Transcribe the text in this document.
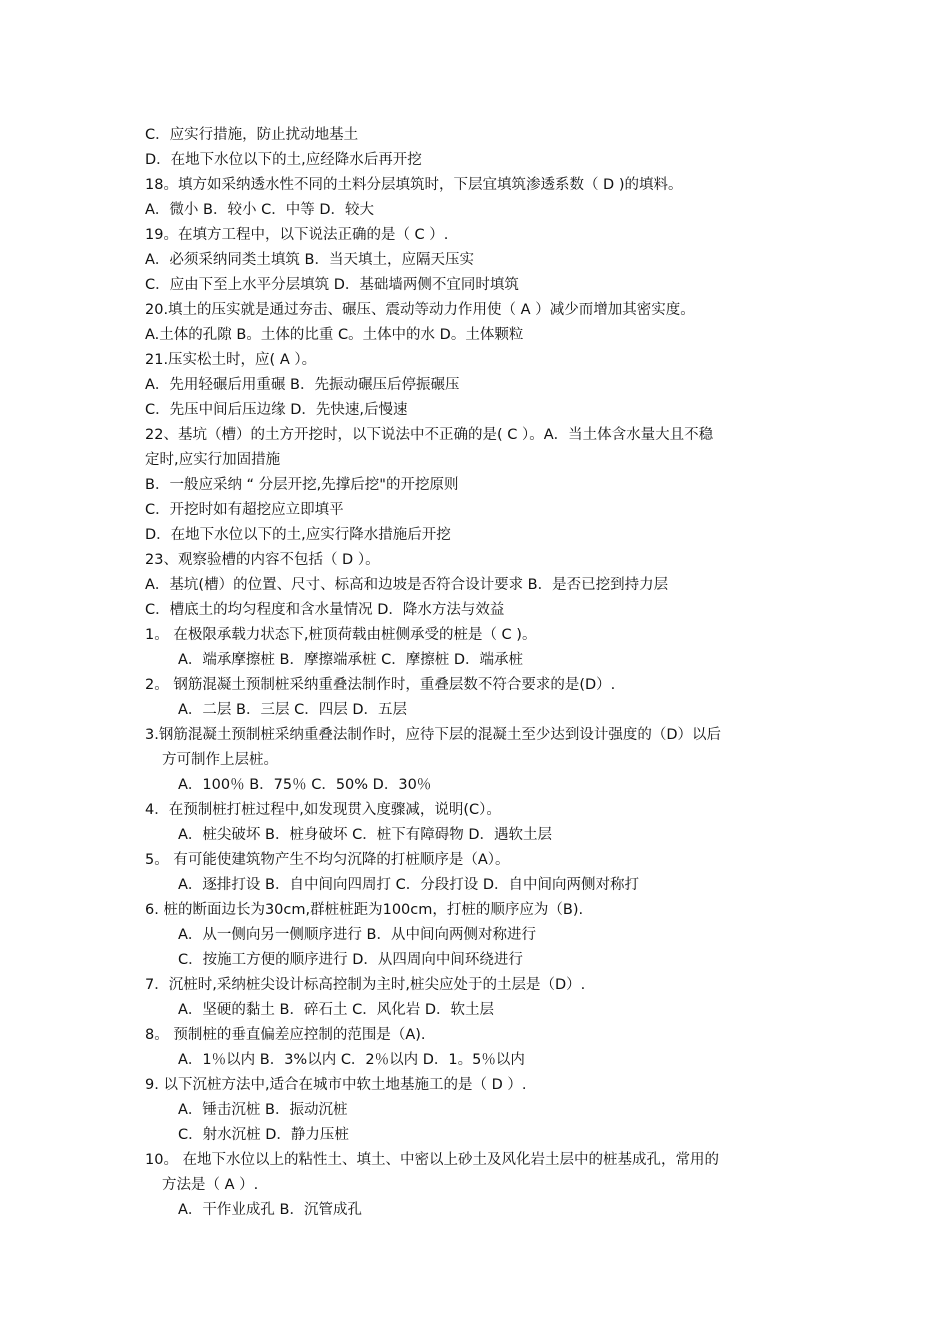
C．应实行措施，防止扰动地基土
D．在地下水位以下的土,应经降水后再开挖
18。填方如采纳透水性不同的土料分层填筑时，下层宜填筑渗透系数（ D )的填料。
A．微小 B．较小 C．中等 D．较大
19。在填方工程中，以下说法正确的是（ C ）.
A．必须采纳同类土填筑 B．当天填土，应隔天压实
C．应由下至上水平分层填筑 D．基础墙两侧不宜同时填筑
20.填土的压实就是通过夯击、碾压、震动等动力作用使（ A ）减少而增加其密实度。
A.土体的孔隙 B。土体的比重 C。土体中的水 D。土体颗粒
21.压实松土时，应( A ）。
A．先用轻碾后用重碾 B．先振动碾压后停振碾压
C．先压中间后压边缘 D．先快速,后慢速
22、基坑（槽）的土方开挖时，以下说法中不正确的是( C ）。A．当土体含水量大且不稳
定时,应实行加固措施
B．一般应采纳 “ 分层开挖,先撑后挖"的开挖原则
C．开挖时如有超挖应立即填平
D．在地下水位以下的土,应实行降水措施后开挖
23、观察验槽的内容不包括（ D ）。
A．基坑(槽）的位置、尺寸、标高和边坡是否符合设计要求 B．是否已挖到持力层
C．槽底土的均匀程度和含水量情况 D．降水方法与效益
1。 在极限承载力状态下,桩顶荷载由桩侧承受的桩是（ C )。
A．端承摩擦桩 B．摩擦端承桩 C．摩擦桩 D．端承桩
2。 钢筋混凝土预制桩采纳重叠法制作时，重叠层数不符合要求的是(D）.
A．二层 B．三层 C．四层 D．五层
3.钢筋混凝土预制桩采纳重叠法制作时，应待下层的混凝土至少达到设计强度的（D）以后
方可制作上层桩。
A．100％ B．75％ C．50% D．30％
4．在预制桩打桩过程中,如发现贯入度骤减，说明(C）。
A．桩尖破坏 B．桩身破坏 C．桩下有障碍物 D．遇软土层
5。 有可能使建筑物产生不均匀沉降的打桩顺序是（A）。
A．逐排打设 B．自中间向四周打 C．分段打设 D．自中间向两侧对称打
6. 桩的断面边长为30cm,群桩桩距为100cm，打桩的顺序应为（B).
A．从一侧向另一侧顺序进行 B．从中间向两侧对称进行
C．按施工方便的顺序进行 D．从四周向中间环绕进行
7．沉桩时,采纳桩尖设计标高控制为主时,桩尖应处于的土层是（D）.
A．坚硬的黏土 B．碎石土 C．风化岩 D．软土层
8。 预制桩的垂直偏差应控制的范围是（A).
A．1％以内 B．3%以内 C．2％以内 D．1。5％以内
9. 以下沉桩方法中,适合在城市中软土地基施工的是（ D ）.
A．锤击沉桩 B．振动沉桩
C．射水沉桩 D．静力压桩
10。 在地下水位以上的粘性土、填土、中密以上砂土及风化岩土层中的桩基成孔，常用的
方法是（ A ）.
A．干作业成孔 B．沉管成孔
